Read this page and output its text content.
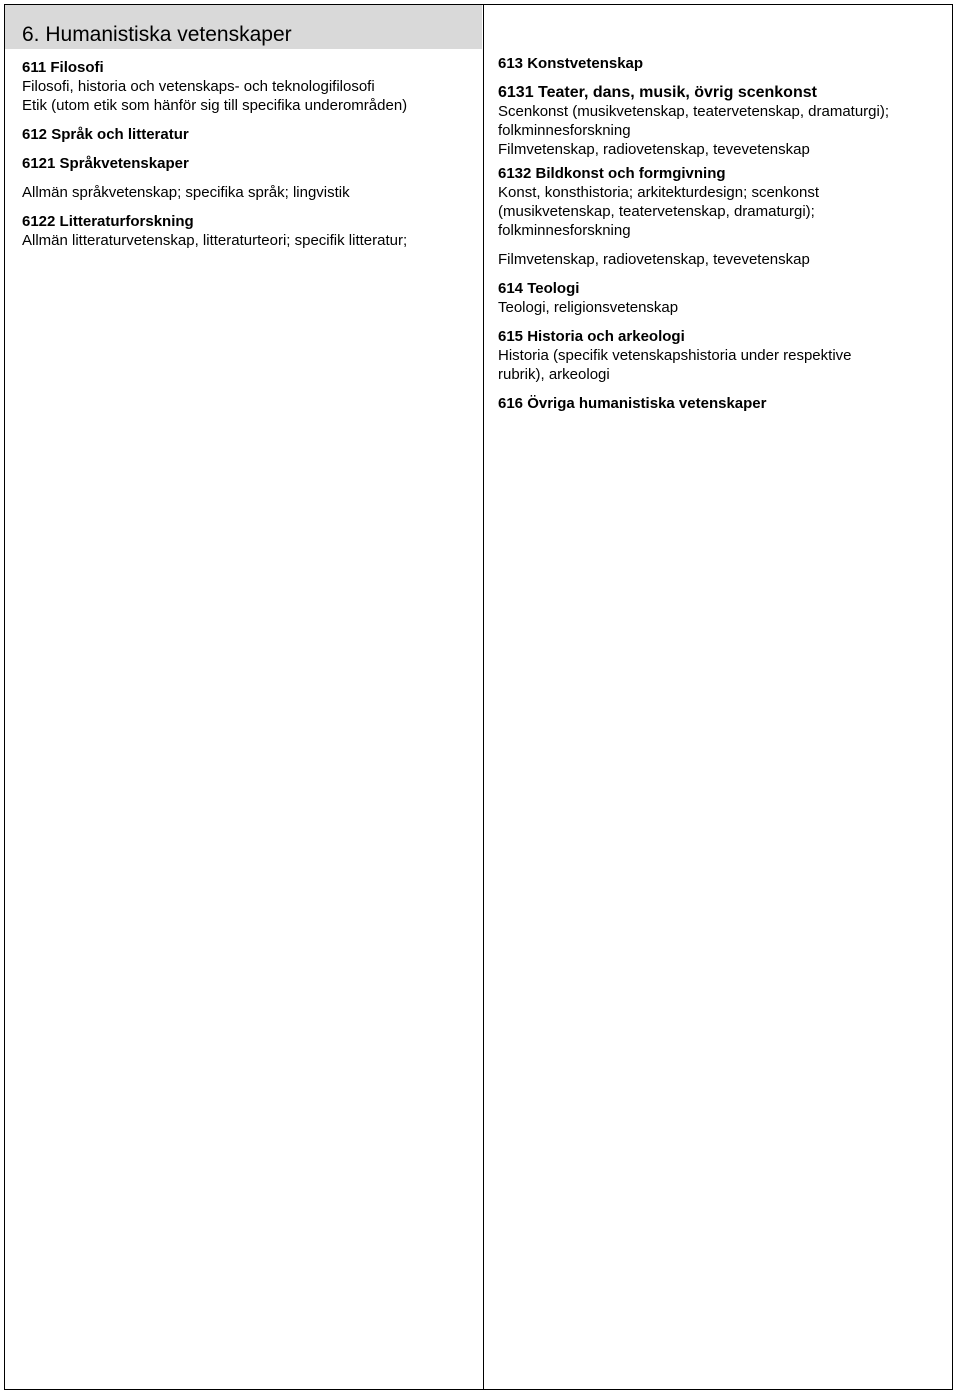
6. Humanistiska vetenskaper
611 Filosofi
Filosofi, historia och vetenskaps- och teknologifilosofi
Etik (utom etik som hänför sig till specifika underområden)
612 Språk och litteratur
6121 Språkvetenskaper
Allmän språkvetenskap; specifika språk; lingvistik
6122 Litteraturforskning
Allmän litteraturvetenskap, litteraturteori; specifik litteratur;
613 Konstvetenskap
6131 Teater, dans, musik, övrig scenkonst
Scenkonst (musikvetenskap, teatervetenskap, dramaturgi);
folkminnesforskning
Filmvetenskap, radiovetenskap, tevevetenskap
6132 Bildkonst och formgivning
Konst, konsthistoria; arkitekturdesign; scenkonst
(musikvetenskap, teatervetenskap, dramaturgi);
folkminnesforskning
Filmvetenskap, radiovetenskap, tevevetenskap
614 Teologi
Teologi, religionsvetenskap
615 Historia och arkeologi
Historia (specifik vetenskapshistoria under respektive
rubrik), arkeologi
616 Övriga humanistiska vetenskaper
